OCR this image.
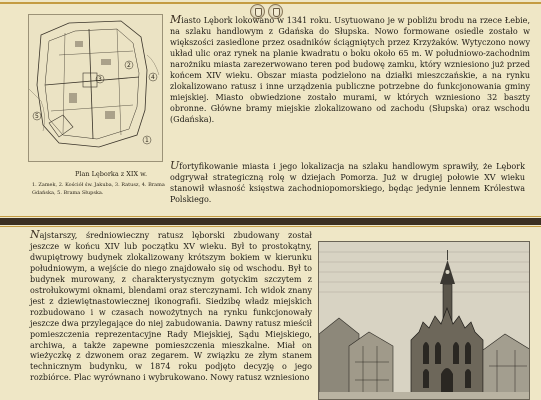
3
2
4
5
1
Plan Lęborka z XIX w.
1. Zamek, 2. Kościół św. Jakuba, 3. Ratusz, 4. Brama Gdańska, 5. Brama Słupska.
Miasto Lębork lokowano w 1341 roku. Usytuowano je w pobliżu brodu na rzece Łebie, na szlaku handlowym z Gdańska do Słupska. Nowo formowane osiedle zostało w większości zasiedlone przez osadników ściągniętych przez Krzyżaków. Wytyczono nowy układ ulic oraz rynek na planie kwadratu o boku około 65 m. W południowo-zachodnim narożniku miasta zarezerwowano teren pod budowę zamku, który wzniesiono już przed końcem XIV wieku. Obszar miasta podzielono na działki mieszczańskie, a na rynku zlokalizowano ratusz i inne urządzenia publiczne potrzebne do funkcjonowania gminy miejskiej. Miasto obwiedzione zostało murami, w których wzniesiono 32 baszty obronne. Główne bramy miejskie zlokalizowano od zachodu (Słupska) oraz wschodu (Gdańska).
Ufortyfikowanie miasta i jego lokalizacja na szlaku handlowym sprawiły, że Lębork odgrywał strategiczną rolę w dziejach Pomorza. Już w drugiej połowie XV wieku stanowił własność księstwa zachodniopomorskiego, będąc jedynie lennem Królestwa Polskiego.
Najstarszy, średniowieczny ratusz lęborski zbudowany został jeszcze w końcu XIV lub początku XV wieku. Był to prostokątny, dwupiętrowy budynek zlokalizowany krótszym bokiem w kierunku południowym, a wejście do niego znajdowało się od wschodu. Był to budynek murowany, z charakterystycznym gotyckim szczytem z ostrołukowymi oknami, blendami oraz sterczynami. Ich widok znany jest z dziewiętnastowiecznej ikonografii. Siedzibę władz miejskich rozbudowano i w czasach nowożytnych na rynku funkcjonowały jeszcze dwa przylegające do niej zabudowania. Dawny ratusz mieścił pomieszczenia reprezentacyjne Rady Miejskiej, Sądu Miejskiego, archiwa, a także zapewne pomieszczenia mieszkalne. Miał on wieżyczkę z dzwonem oraz zegarem. W związku ze złym stanem technicznym budynku, w 1874 roku podjęto decyzję o jego rozbiórce. Plac wyrównano i wybrukowano. Nowy ratusz wzniesiono
